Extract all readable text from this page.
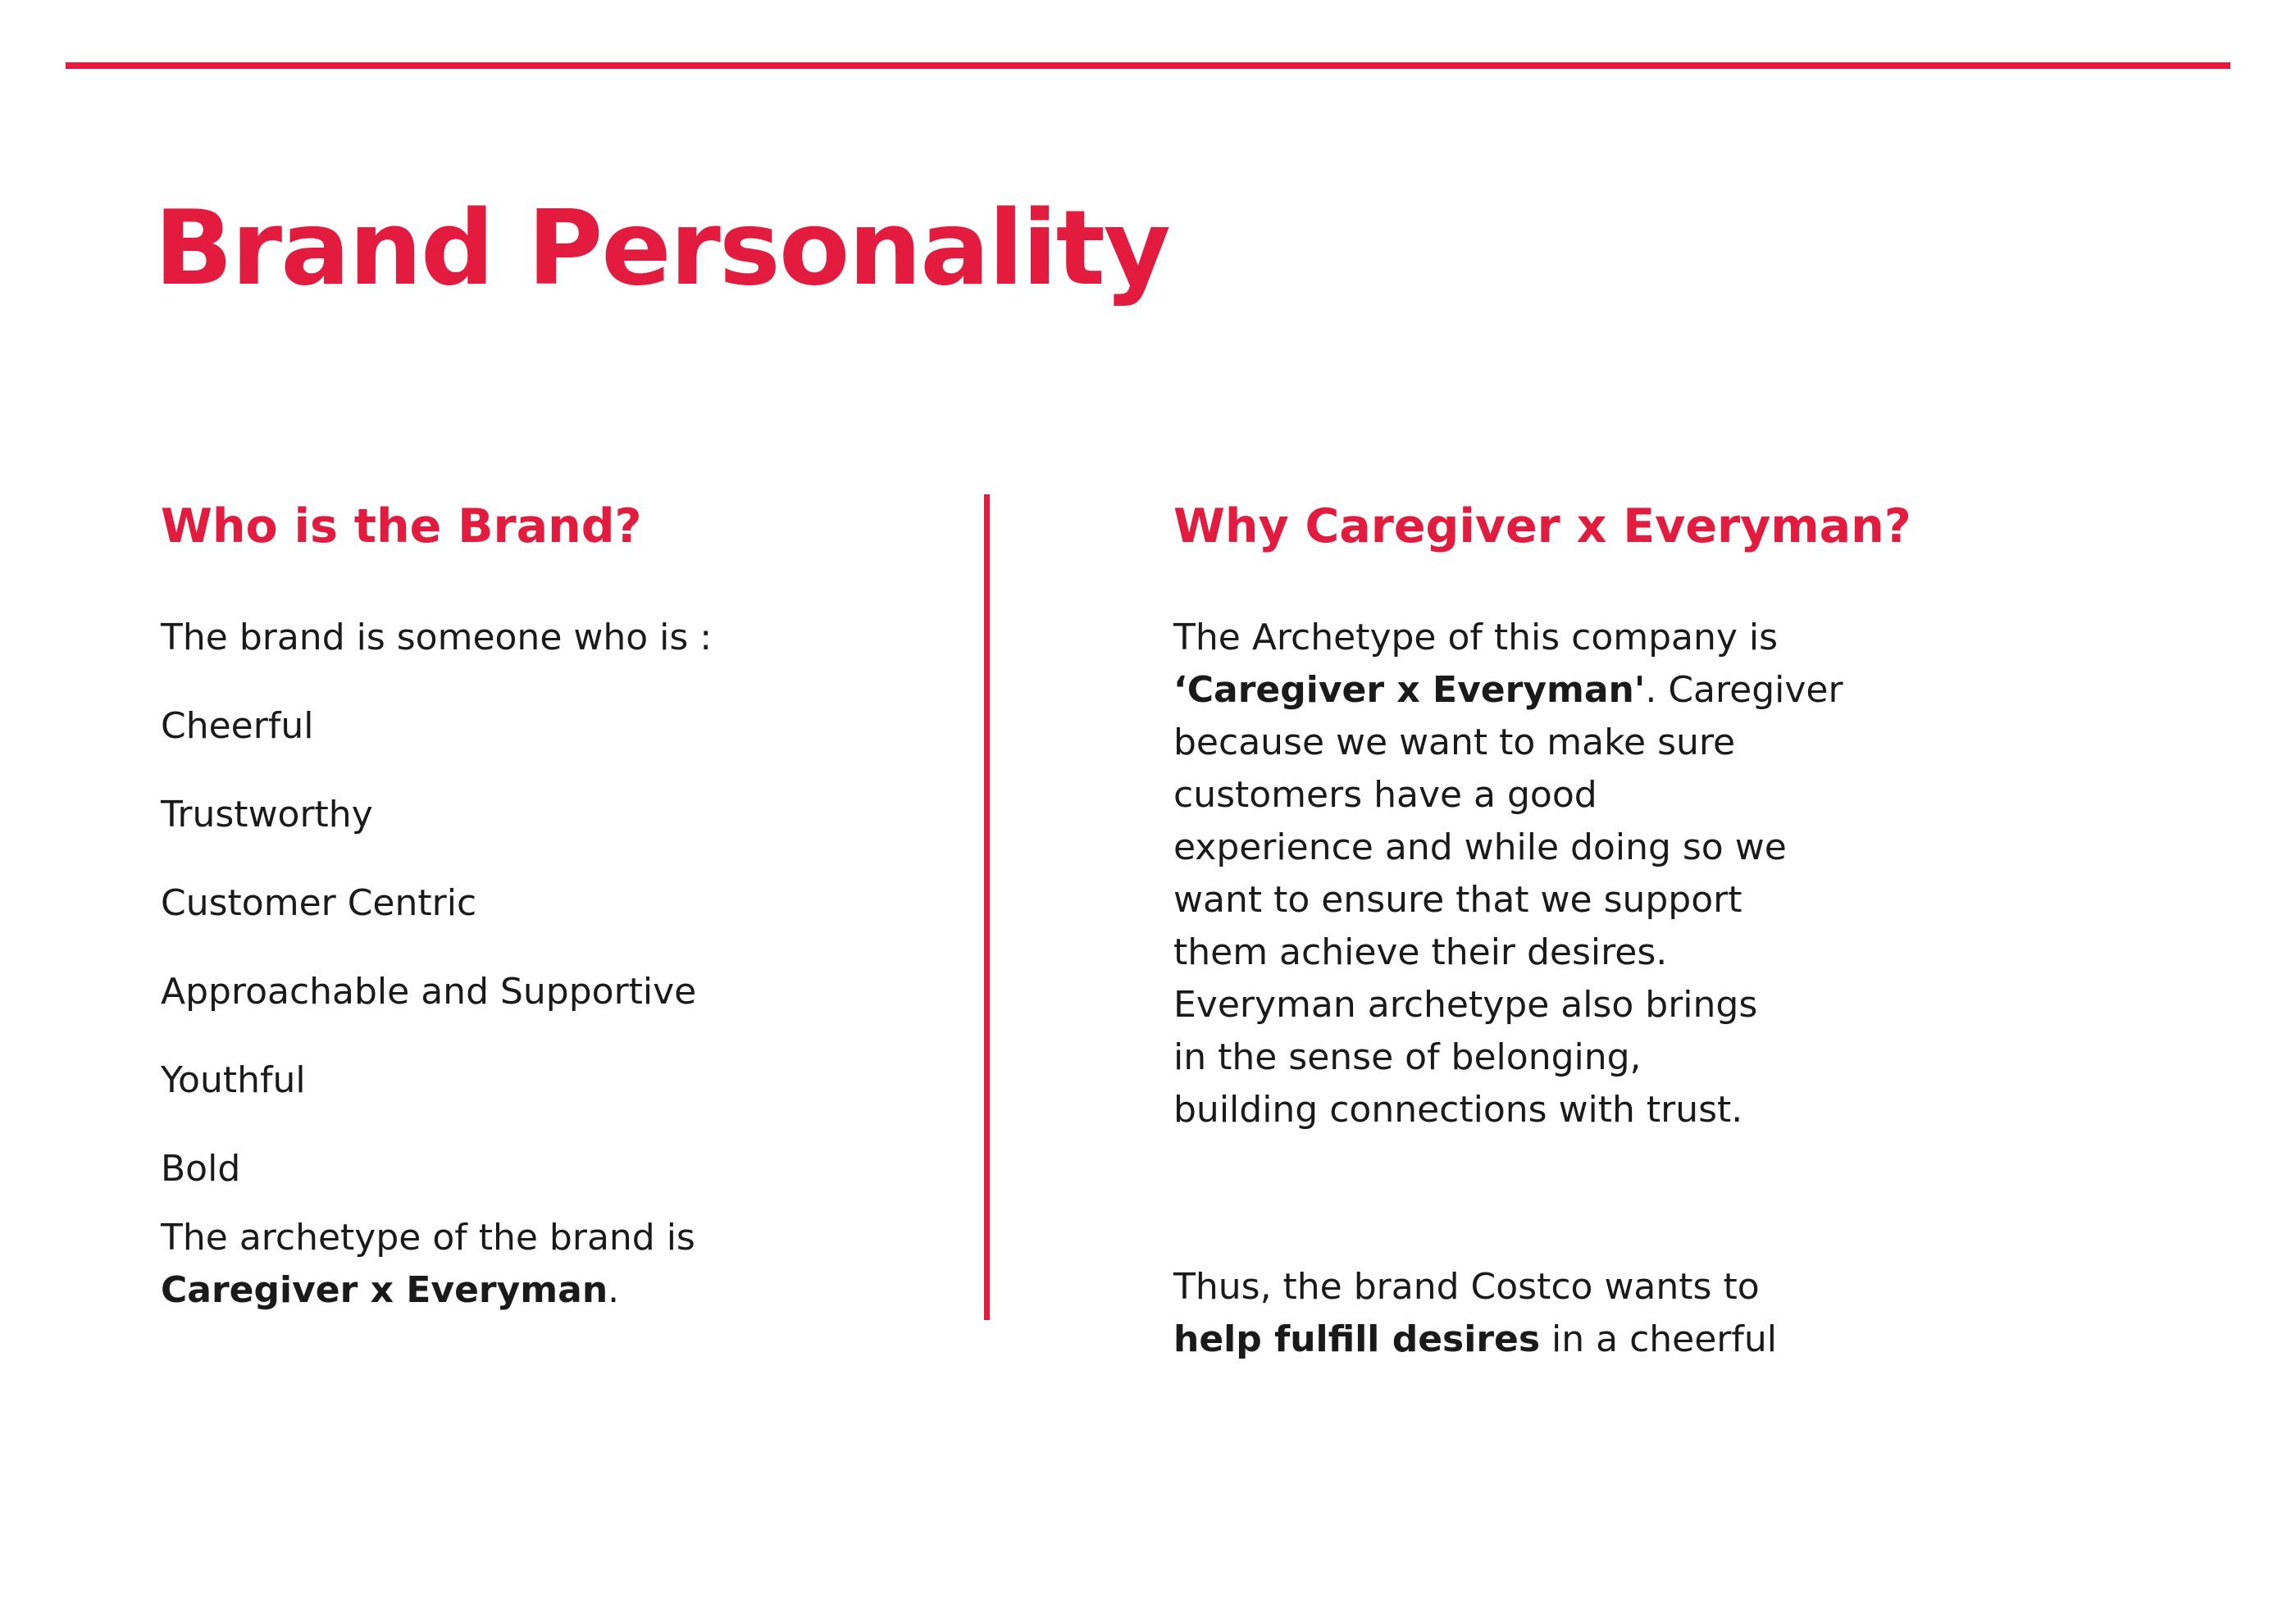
Brand Personality
Who is the Brand?

The brand is someone who is :

Cheerful
Trustworthy
Customer Centric
Approachable and Supportive
Youthful
Bold

The archetype of the brand is
Caregiver x Everyman.

Why Caregiver x Everyman?

The Archetype of this company is
‘Caregiver x Everyman'. Caregiver
because we want to make sure
customers have a good
experience and while doing so we
want to ensure that we support
them achieve their desires.
Everyman archetype also brings
in the sense of belonging,
building connections with trust.

Thus, the brand Costco wants to
help fulfill desires in a cheerful
